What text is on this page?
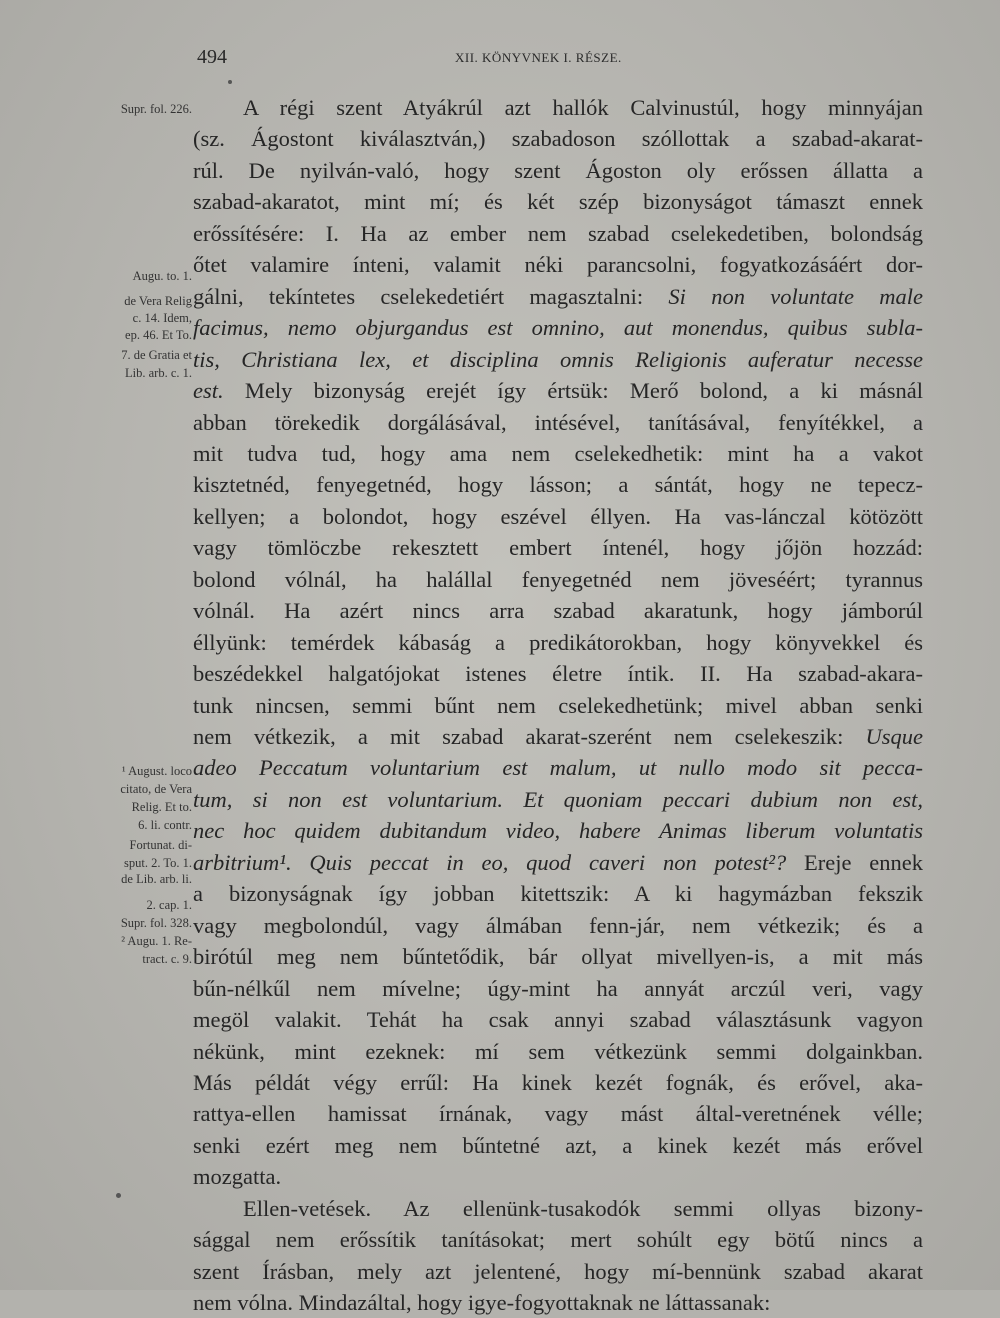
494	XII. KÖNYVNEK I. RÉSZE.
A régi szent Atyákrúl azt hallók Calvinustúl, hogy minnyájan
(sz. Ágostont kiválasztván,) szabadoson szóllottak a szabad-akarat-
rúl. De nyilván-való, hogy szent Ágoston oly erőssen állatta a
szabad-akaratot, mint mí; és két szép bizonyságot támaszt ennek
erőssítésére: I. Ha az ember nem szabad cselekedetiben, bolondság
őtet valamire ínteni, valamit néki parancsolni, fogyatkozásáért dor-
gálni, tekíntetes cselekedetiért magasztalni: Si non voluntate male
facimus, nemo objurgandus est omnino, aut monendus, quibus subla-
tis, Christiana lex, et disciplina omnis Religionis auferatur necesse
est. Mely bizonyság erejét így értsük: Merő bolond, a ki másnál
abban törekedik dorgálásával, intésével, tanításával, fenyítékkel, a
mit tudva tud, hogy ama nem cselekedhetik: mint ha a vakot
kisztetnéd, fenyegetnéd, hogy lásson; a sántát, hogy ne tepecz-
kellyen; a bolondot, hogy eszével éllyen. Ha vas-lánczal kötözött
vagy tömlöczbe rekesztett embert íntenél, hogy jőjön hozzád:
bolond vólnál, ha halállal fenyegetnéd nem jöveséért; tyrannus
vólnál. Ha azért nincs arra szabad akaratunk, hogy jámborúl
éllyünk: temérdek kábaság a predikátorokban, hogy könyvekkel és
beszédekkel halgatójokat istenes életre íntik. II. Ha szabad-akara-
tunk nincsen, semmi bűnt nem cselekedhetünk; mivel abban senki
nem vétkezik, a mit szabad akarat-szerént nem cselekeszik: Usque
adeo Peccatum voluntarium est malum, ut nullo modo sit pecca-
tum, si non est voluntarium. Et quoniam peccari dubium non est,
nec hoc quidem dubitandum video, habere Animas liberum voluntatis
arbitrium¹. Quis peccat in eo, quod caveri non potest²? Ereje ennek
a bizonyságnak így jobban kitettszik: A ki hagymázban fekszik
vagy megbolondúl, vagy álmában fenn-jár, nem vétkezik; és a
birótúl meg nem bűntetődik, bár ollyat mivellyen-is, a mit más
bűn-nélkűl nem mívelne; úgy-mint ha annyát arczúl veri, vagy
megöl valakit. Tehát ha csak annyi szabad választásunk vagyon
nékünk, mint ezeknek: mí sem vétkezünk semmi dolgainkban.
Más példát végy errűl: Ha kinek kezét fognák, és erővel, aka-
rattya-ellen hamissat írnának, vagy mást által-veretnének vélle;
senki ezért meg nem bűntetné azt, a kinek kezét más erővel
mozgatta.
Ellen-vetések. Az ellenünk-tusakodók semmi ollyas bizony-
sággal nem erőssítik tanításokat; mert sohúlt egy bötű nincs a
szent Írásban, mely azt jelentené, hogy mí-bennünk szabad akarat
nem vólna. Mindazáltal, hogy igye-fogyottaknak ne láttassanak:
Supr. fol. 226.
Augu. to. 1.
de Vera Relig
c. 14. Idem,
ep. 46. Et To.
7. de Gratia et
Lib. arb. c. 1.
¹ August. loco
citato, de Vera
Relig. Et to.
6. li. contr.
Fortunat. di-
sput. 2. To. 1.
de Lib. arb. li.
2. cap. 1.
Supr. fol. 328.
² Augu. 1. Re-
tract. c. 9.
